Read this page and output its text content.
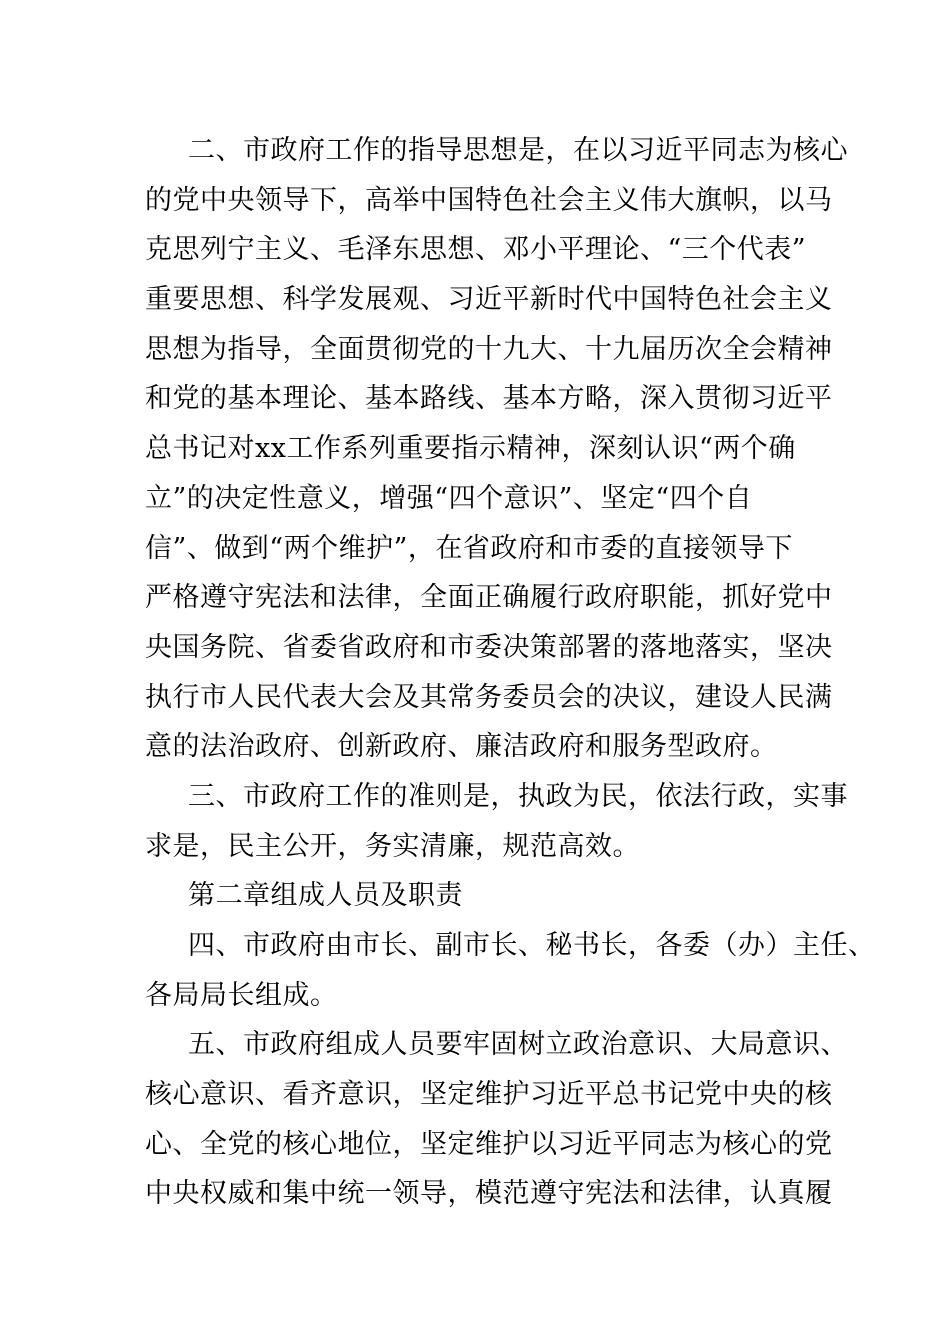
二、市政府工作的指导思想是，在以习近平同志为核心
的党中央领导下，高举中国特色社会主义伟大旗帜，以马
克思列宁主义、毛泽东思想、邓小平理论、“三个代表”
重要思想、科学发展观、习近平新时代中国特色社会主义
思想为指导，全面贯彻党的十九大、十九届历次全会精神
和党的基本理论、基本路线、基本方略，深入贯彻习近平
总书记对xx工作系列重要指示精神，深刻认识“两个确
立”的决定性意义，增强“四个意识”、坚定“四个自
信”、做到“两个维护”，在省政府和市委的直接领导下
严格遵守宪法和法律，全面正确履行政府职能，抓好党中
央国务院、省委省政府和市委决策部署的落地落实，坚决
执行市人民代表大会及其常务委员会的决议，建设人民满
意的法治政府、创新政府、廉洁政府和服务型政府。
三、市政府工作的准则是，执政为民，依法行政，实事
求是，民主公开，务实清廉，规范高效。
第二章组成人员及职责
四、市政府由市长、副市长、秘书长，各委（办）主任、
各局局长组成。
五、市政府组成人员要牢固树立政治意识、大局意识、
核心意识、看齐意识，坚定维护习近平总书记党中央的核
心、全党的核心地位，坚定维护以习近平同志为核心的党
中央权威和集中统一领导，模范遵守宪法和法律，认真履
